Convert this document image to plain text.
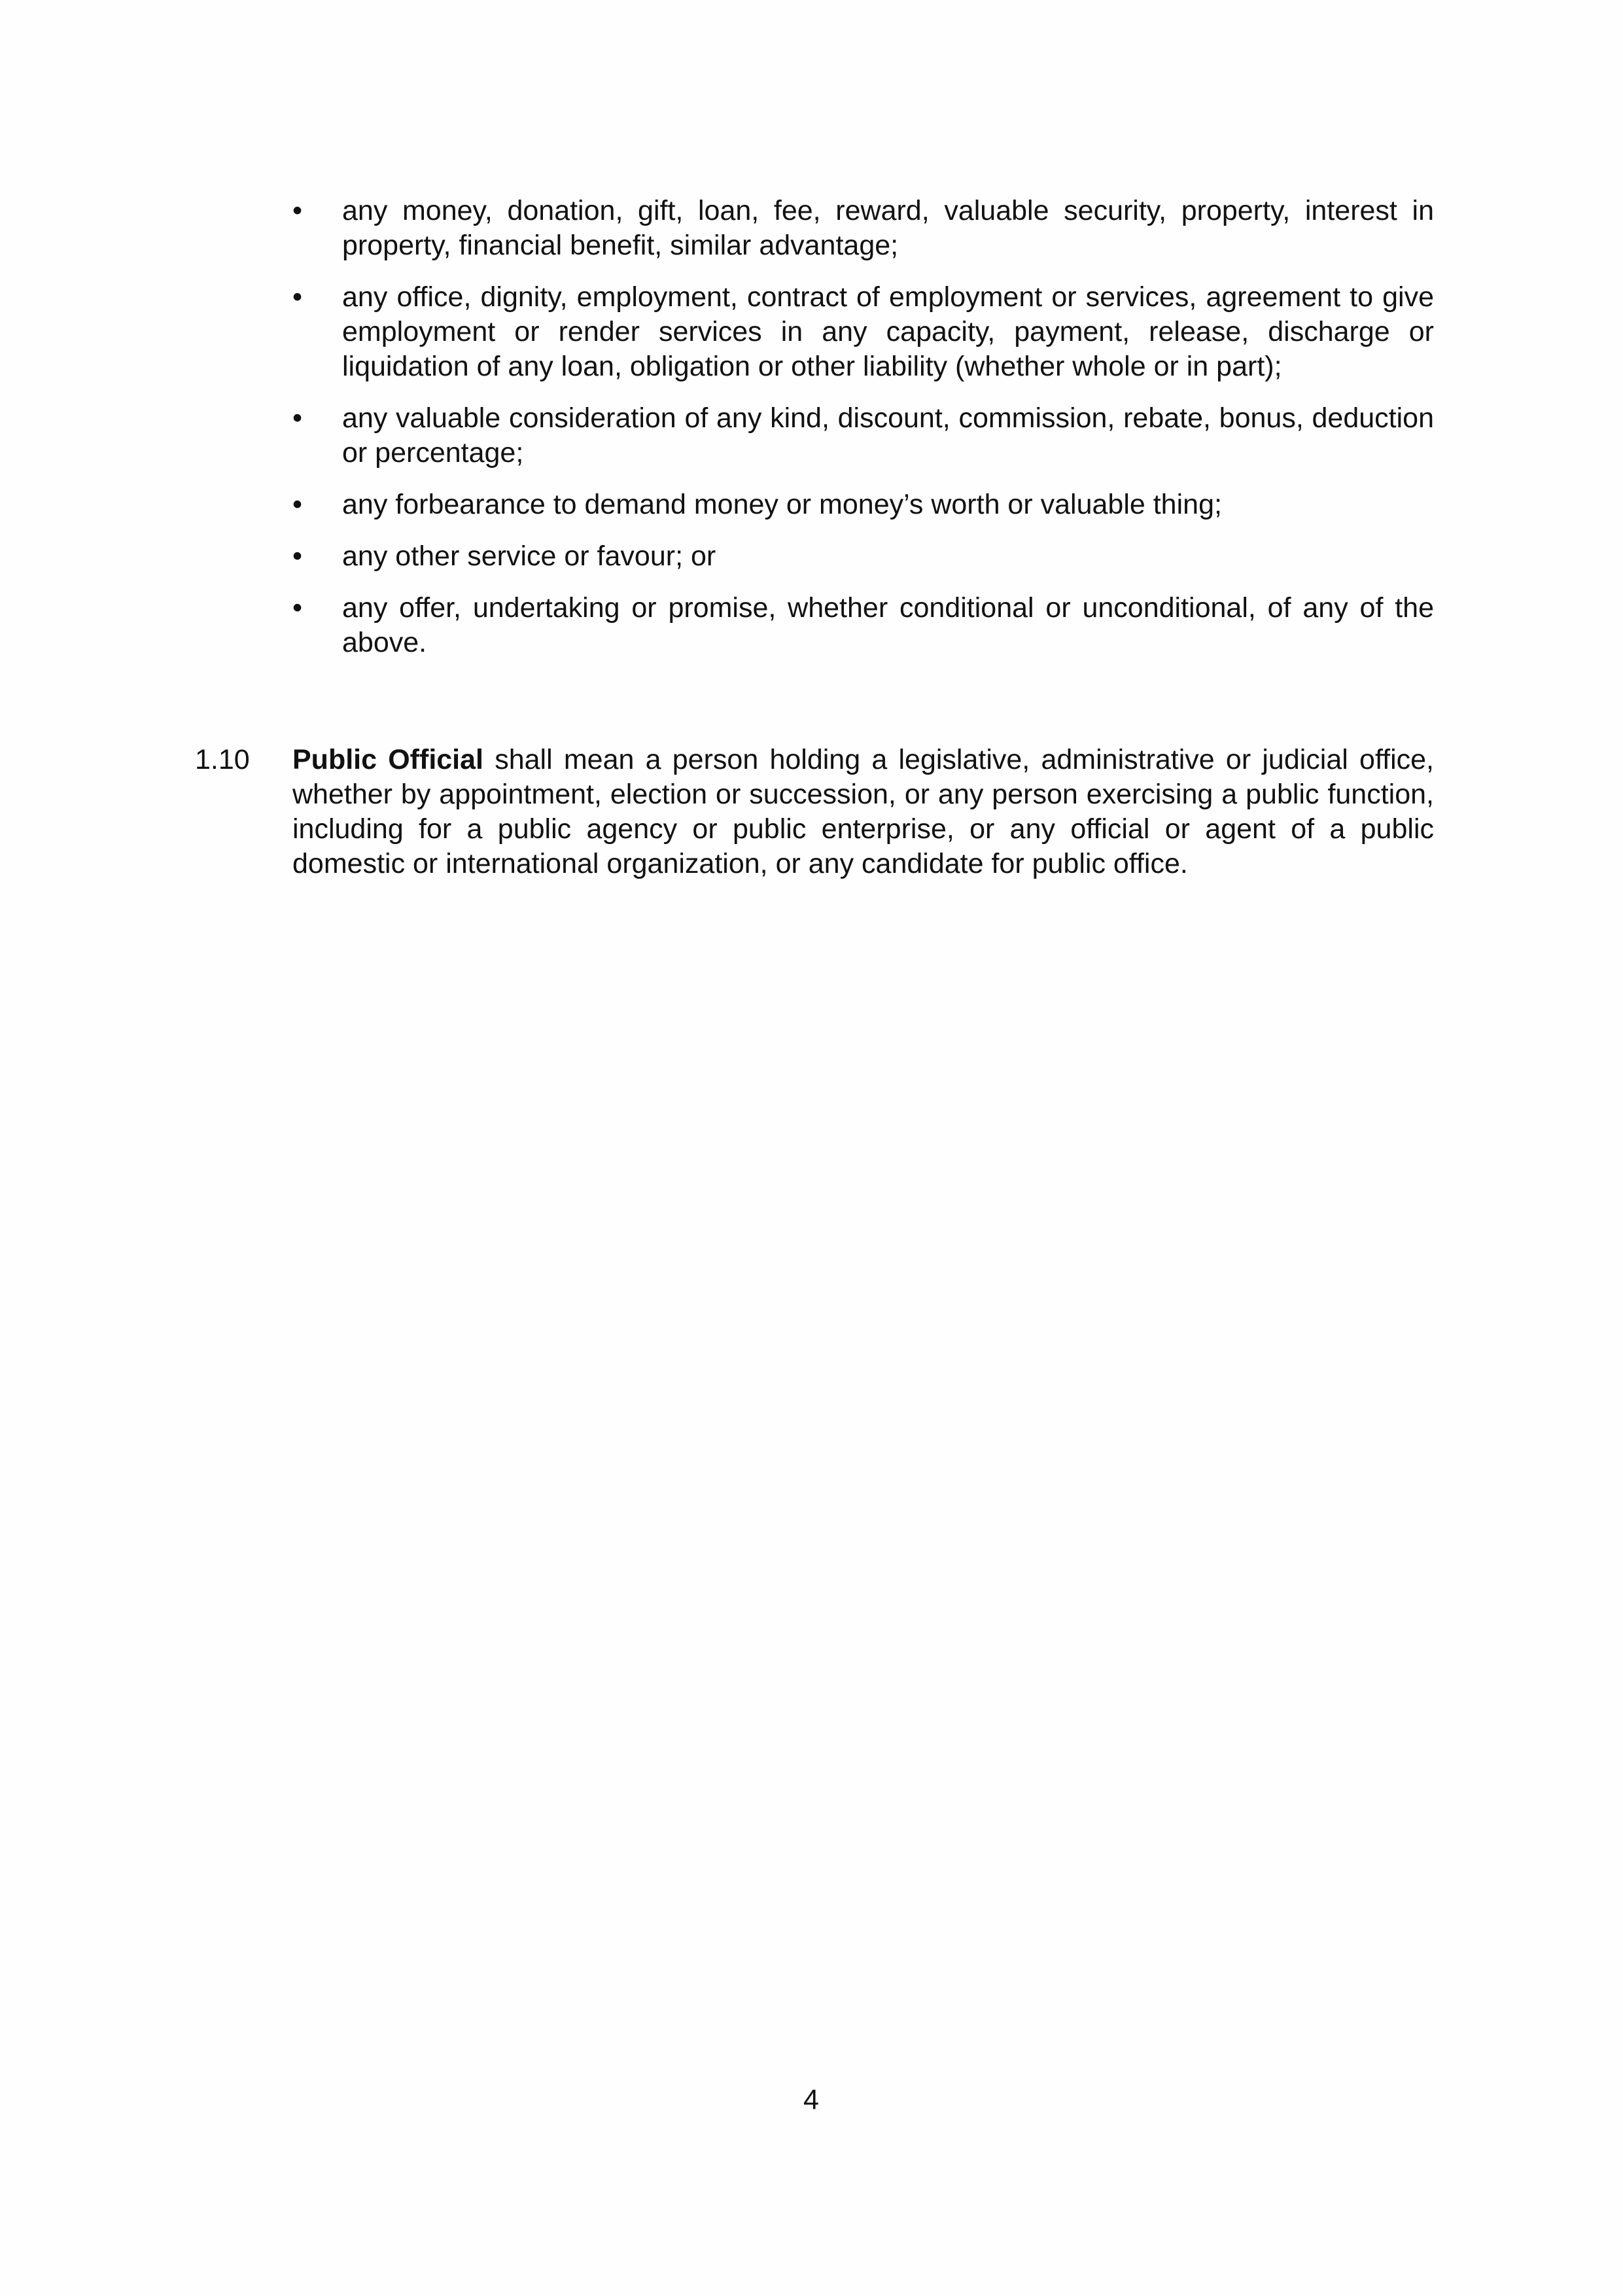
•	any money, donation, gift, loan, fee, reward, valuable security, property, interest in property, financial benefit, similar advantage;
•	any office, dignity, employment, contract of employment or services, agreement to give employment or render services in any capacity, payment, release, discharge or liquidation of any loan, obligation or other liability (whether whole or in part);
•	any valuable consideration of any kind, discount, commission, rebate, bonus, deduction or percentage;
•	any forbearance to demand money or money’s worth or valuable thing;
•	any other service or favour; or
•	any offer, undertaking or promise, whether conditional or unconditional, of any of the above.
1.10	Public Official shall mean a person holding a legislative, administrative or judicial office, whether by appointment, election or succession, or any person exercising a public function, including for a public agency or public enterprise, or any official or agent of a public domestic or international organization, or any candidate for public office.
4
